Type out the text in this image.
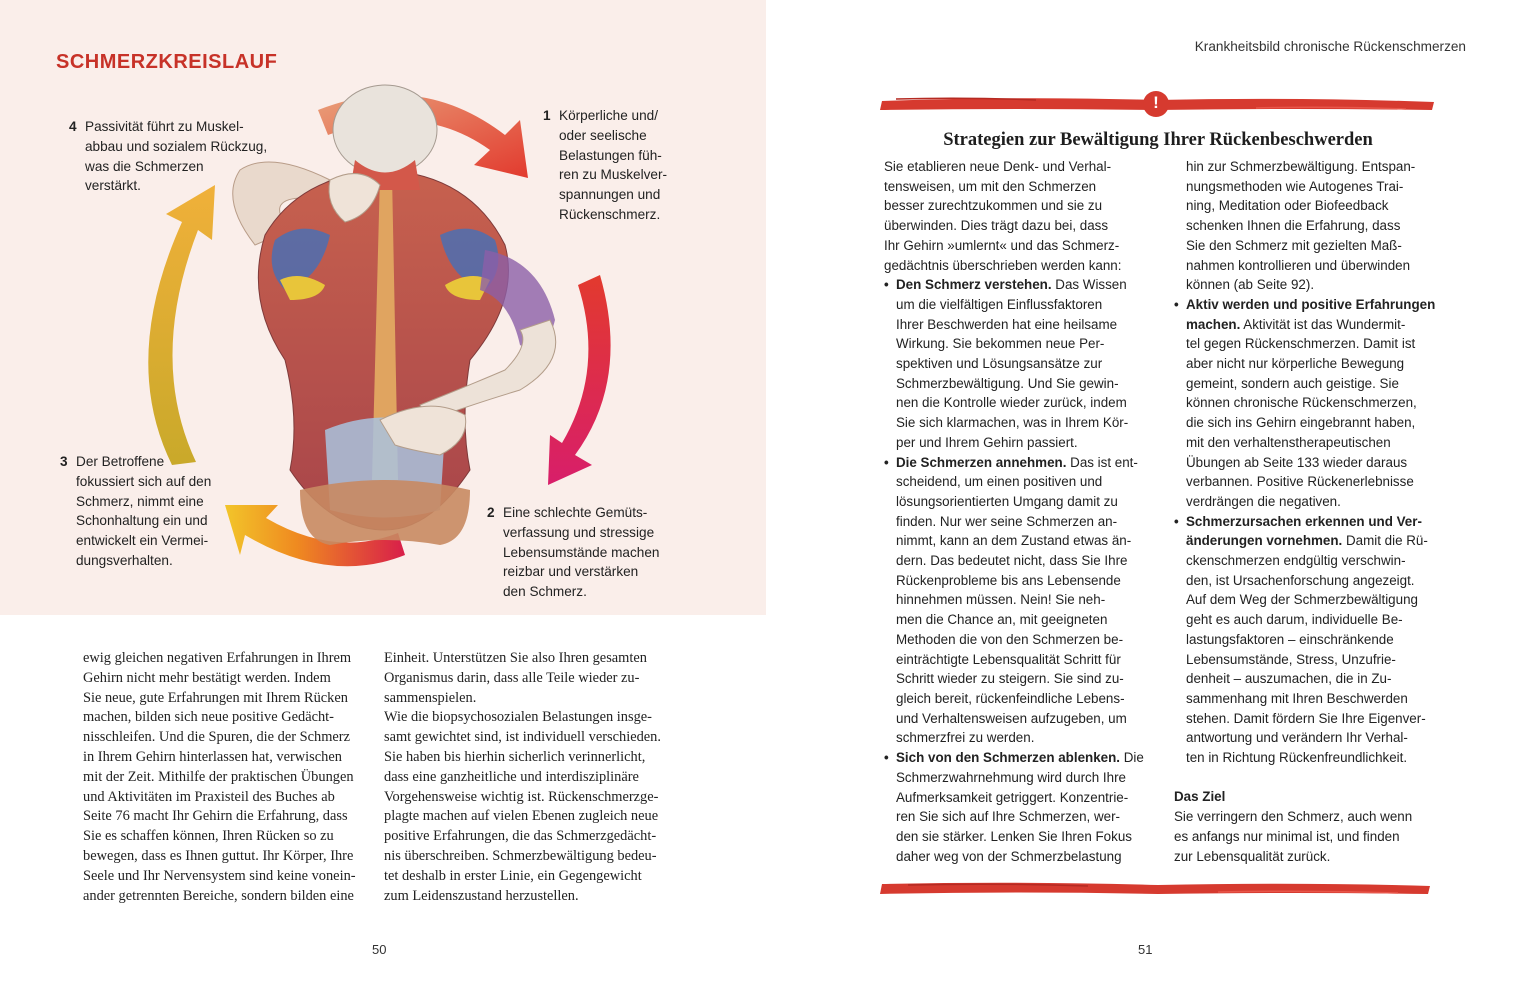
SCHMERZKREISLAUF
1 Körperliche und/
oder seelische
Belastungen füh-
ren zu Muskelver-
spannungen und
Rückenschmerz.
2 Eine schlechte Gemüts-
verfassung und stressige
Lebensumstände machen
reizbar und verstärken
den Schmerz.
3 Der Betroffene
fokussiert sich auf den
Schmerz, nimmt eine
Schonhaltung ein und
entwickelt ein Vermei-
dungsverhalten.
4 Passivität führt zu Muskel-
abbau und sozialem Rückzug,
was die Schmerzen
verstärkt.

ewig gleichen negativen Erfahrungen in Ihrem
Gehirn nicht mehr bestätigt werden. Indem
Sie neue, gute Erfahrungen mit Ihrem Rücken
machen, bilden sich neue positive Gedächt-
nisschleifen. Und die Spuren, die der Schmerz
in Ihrem Gehirn hinterlassen hat, verwischen
mit der Zeit. Mithilfe der praktischen Übungen
und Aktivitäten im Praxisteil des Buches ab
Seite 76 macht Ihr Gehirn die Erfahrung, dass
Sie es schaffen können, Ihren Rücken so zu
bewegen, dass es Ihnen guttut. Ihr Körper, Ihre
Seele und Ihr Nervensystem sind keine vonein-
ander getrennten Bereiche, sondern bilden eine

Einheit. Unterstützen Sie also Ihren gesamten
Organismus darin, dass alle Teile wieder zu-
sammenspielen.

Wie die biopsychosozialen Belastungen insge-
samt gewichtet sind, ist individuell verschieden.
Sie haben bis hierhin sicherlich verinnerlicht,
dass eine ganzheitliche und interdisziplinäre
Vorgehensweise wichtig ist. Rückenschmerzge-
plagte machen auf vielen Ebenen zugleich neue
positive Erfahrungen, die das Schmerzgedächt-
nis überschreiben. Schmerzbewältigung bedeu-
tet deshalb in erster Linie, ein Gegengewicht
zum Leidenszustand herzustellen.

50
Krankheitsbild chronische Rückenschmerzen
!
Strategien zur Bewältigung Ihrer Rückenbeschwerden

Sie etablieren neue Denk- und Verhal-
tensweisen, um mit den Schmerzen
besser zurechtzukommen und sie zu
überwinden. Dies trägt dazu bei, dass
Ihr Gehirn »umlernt« und das Schmerz-
gedächtnis überschrieben werden kann:

• Den Schmerz verstehen. Das Wissen
um die vielfältigen Einflussfaktoren
Ihrer Beschwerden hat eine heilsame
Wirkung. Sie bekommen neue Per-
spektiven und Lösungsansätze zur
Schmerzbewältigung. Und Sie gewin-
nen die Kontrolle wieder zurück, indem
Sie sich klarmachen, was in Ihrem Kör-
per und Ihrem Gehirn passiert.
• Die Schmerzen annehmen. Das ist ent-
scheidend, um einen positiven und
lösungsorientierten Umgang damit zu
finden. Nur wer seine Schmerzen an-
nimmt, kann an dem Zustand etwas än-
dern. Das bedeutet nicht, dass Sie Ihre
Rückenprobleme bis ans Lebensende
hinnehmen müssen. Nein! Sie neh-
men die Chance an, mit geeigneten
Methoden die von den Schmerzen be-
einträchtigte Lebensqualität Schritt für
Schritt wieder zu steigern. Sie sind zu-
gleich bereit, rückenfeindliche Lebens-
und Verhaltensweisen aufzugeben, um
schmerzfrei zu werden.
• Sich von den Schmerzen ablenken. Die
Schmerzwahrnehmung wird durch Ihre
Aufmerksamkeit getriggert. Konzentrie-
ren Sie sich auf Ihre Schmerzen, wer-
den sie stärker. Lenken Sie Ihren Fokus
daher weg von der Schmerzbelastung

hin zur Schmerzbewältigung. Entspan-
nungsmethoden wie Autogenes Trai-
ning, Meditation oder Biofeedback
schenken Ihnen die Erfahrung, dass
Sie den Schmerz mit gezielten Maß-
nahmen kontrollieren und überwinden
können (ab Seite 92).

• Aktiv werden und positive Erfahrungen
machen. Aktivität ist das Wundermit-
tel gegen Rückenschmerzen. Damit ist
aber nicht nur körperliche Bewegung
gemeint, sondern auch geistige. Sie
können chronische Rückenschmerzen,
die sich ins Gehirn eingebrannt haben,
mit den verhaltenstherapeutischen
Übungen ab Seite 133 wieder daraus
verbannen. Positive Rückenerlebnisse
verdrängen die negativen.
• Schmerzursachen erkennen und Ver-
änderungen vornehmen. Damit die Rü-
ckenschmerzen endgültig verschwin-
den, ist Ursachenforschung angezeigt.
Auf dem Weg der Schmerzbewältigung
geht es auch darum, individuelle Be-
lastungsfaktoren – einschränkende
Lebensumstände, Stress, Unzufrie-
denheit – auszumachen, die in Zu-
sammenhang mit Ihren Beschwerden
stehen. Damit fördern Sie Ihre Eigenver-
antwortung und verändern Ihr Verhal-
ten in Richtung Rückenfreundlichkeit.

Das Ziel

Sie verringern den Schmerz, auch wenn
es anfangs nur minimal ist, und finden
zur Lebensqualität zurück.

51
